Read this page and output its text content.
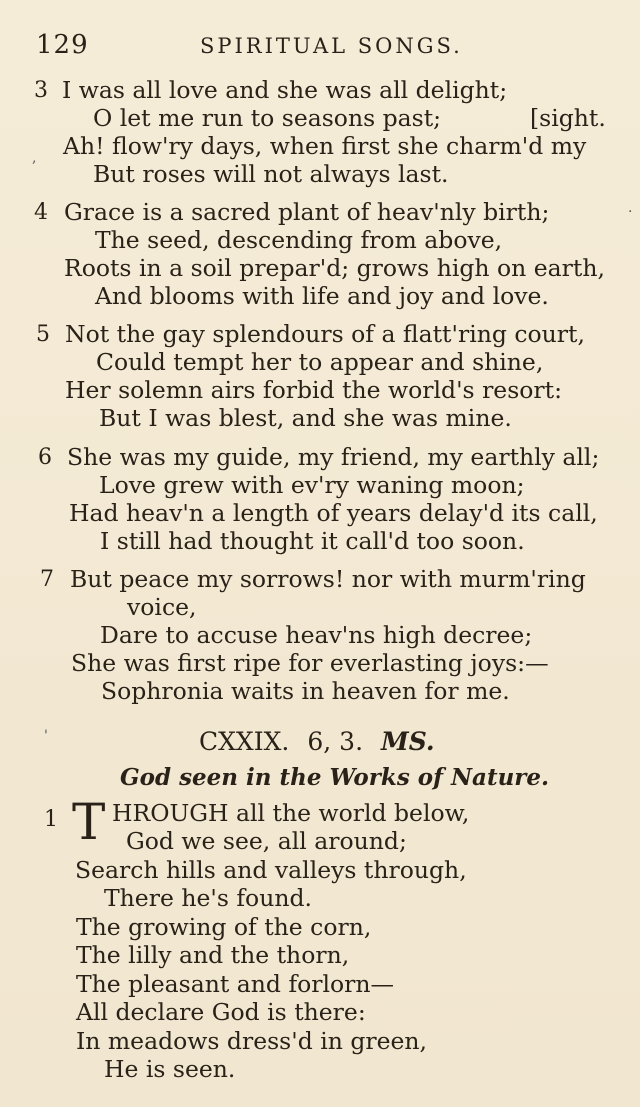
129	SPIRITUAL SONGS.
3 I was all love and she was all delight;
O let me run to seasons past;	[sight.
Ah! flow'ry days, when first she charm'd my
But roses will not always last.
4 Grace is a sacred plant of heav'nly birth;
The seed, descending from above,
Roots in a soil prepar'd; grows high on earth,
And blooms with life and joy and love.
5 Not the gay splendours of a flatt'ring court,
Could tempt her to appear and shine,
Her solemn airs forbid the world's resort:
But I was blest, and she was mine.
6 She was my guide, my friend, my earthly all;
Love grew with ev'ry waning moon;
Had heav'n a length of years delay'd its call,
I still had thought it call'd too soon.
7 But peace my sorrows! nor with murm'ring
voice,
Dare to accuse heav'ns high decree;
She was first ripe for everlasting joys:—
Sophronia waits in heaven for me.
CXXIX. 6, 3. MS.
God seen in the Works of Nature.
1 T HROUGH all the world below,
God we see, all around;
Search hills and valleys through,
There he's found.
The growing of the corn,
The lilly and the thorn,
The pleasant and forlorn—
All declare God is there:
In meadows dress'd in green,
He is seen.
,
'
.
